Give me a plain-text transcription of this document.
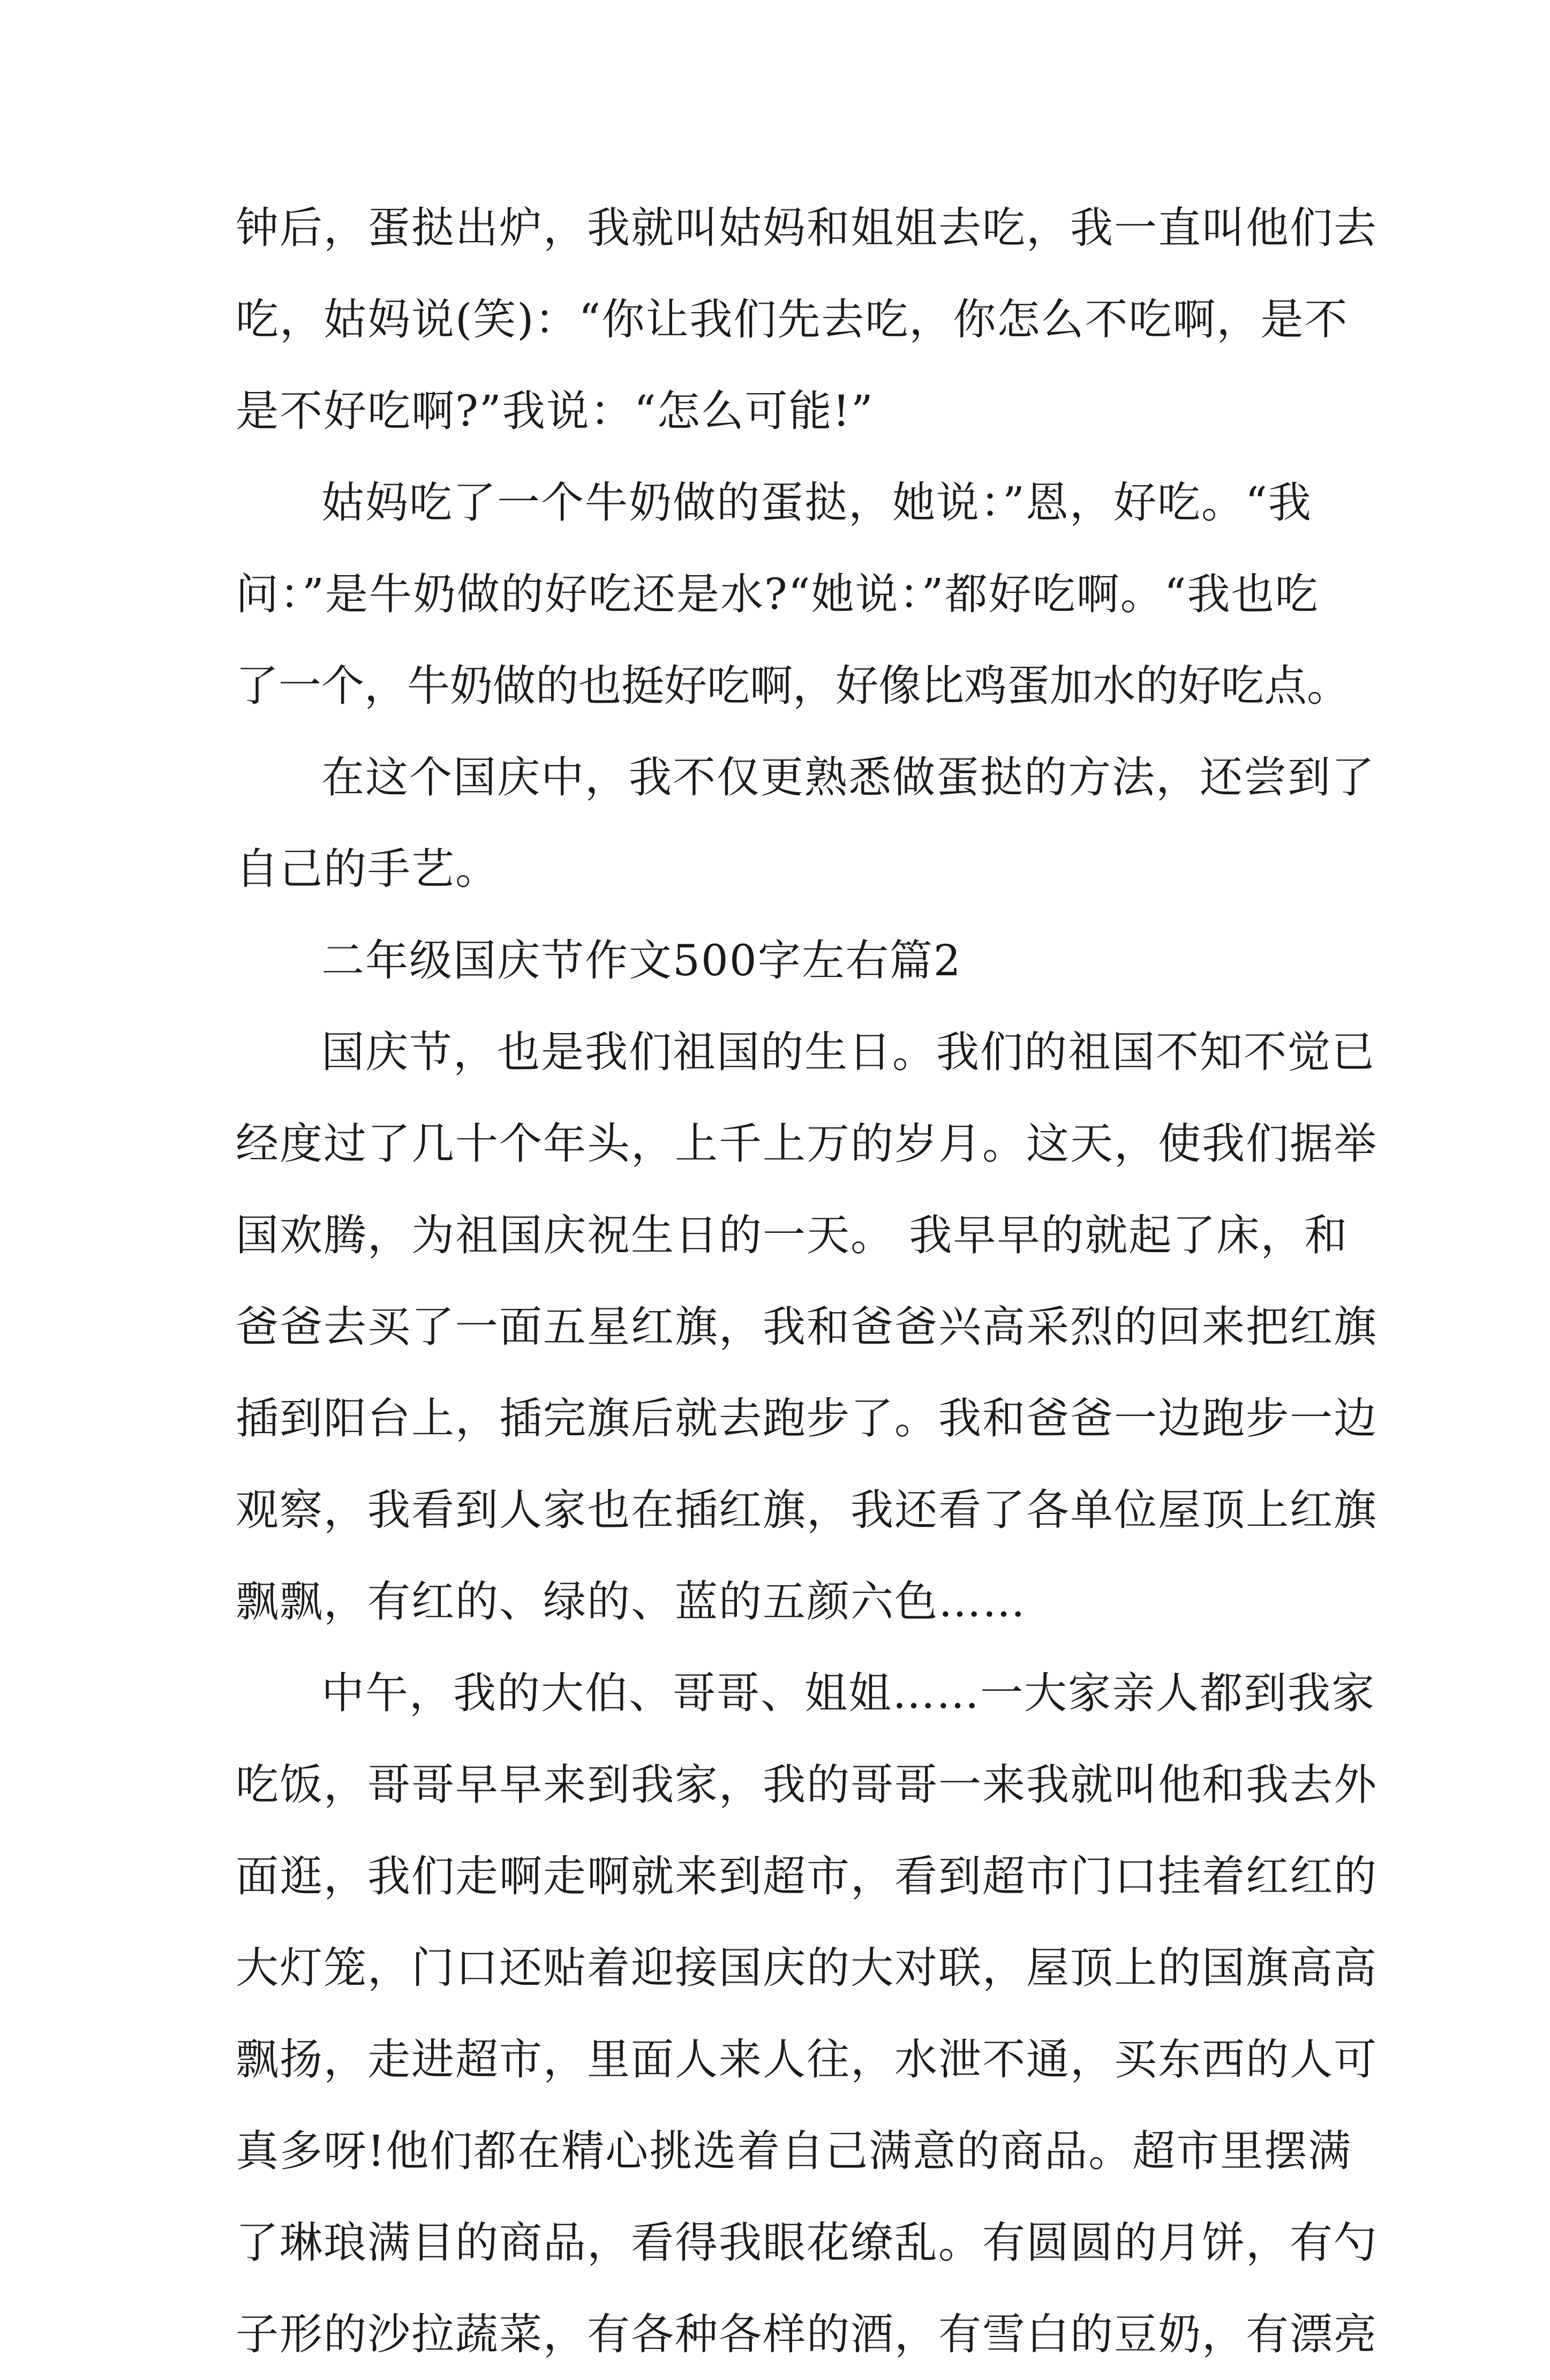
钟后，蛋挞出炉，我就叫姑妈和姐姐去吃，我一直叫他们去
吃，姑妈说(笑)：“你让我们先去吃，你怎么不吃啊，是不
是不好吃啊?”我说：“怎么可能!”
姑妈吃了一个牛奶做的蛋挞，她说：”恩，好吃。“我
问：”是牛奶做的好吃还是水?“她说：”都好吃啊。“我也吃
了一个，牛奶做的也挺好吃啊，好像比鸡蛋加水的好吃点。
在这个国庆中，我不仅更熟悉做蛋挞的方法，还尝到了
自己的手艺。
二年级国庆节作文500字左右篇2
国庆节，也是我们祖国的生日。我们的祖国不知不觉已
经度过了几十个年头，上千上万的岁月。这天，使我们据举
国欢腾，为祖国庆祝生日的一天。 我早早的就起了床，和
爸爸去买了一面五星红旗，我和爸爸兴高采烈的回来把红旗
插到阳台上，插完旗后就去跑步了。我和爸爸一边跑步一边
观察，我看到人家也在插红旗，我还看了各单位屋顶上红旗
飘飘，有红的、绿的、蓝的五颜六色……
中午，我的大伯、哥哥、姐姐……一大家亲人都到我家
吃饭，哥哥早早来到我家，我的哥哥一来我就叫他和我去外
面逛，我们走啊走啊就来到超市，看到超市门口挂着红红的
大灯笼，门口还贴着迎接国庆的大对联，屋顶上的国旗高高
飘扬，走进超市，里面人来人往，水泄不通，买东西的人可
真多呀!他们都在精心挑选着自己满意的商品。超市里摆满
了琳琅满目的商品，看得我眼花缭乱。有圆圆的月饼，有勺
子形的沙拉蔬菜，有各种各样的酒，有雪白的豆奶，有漂亮
